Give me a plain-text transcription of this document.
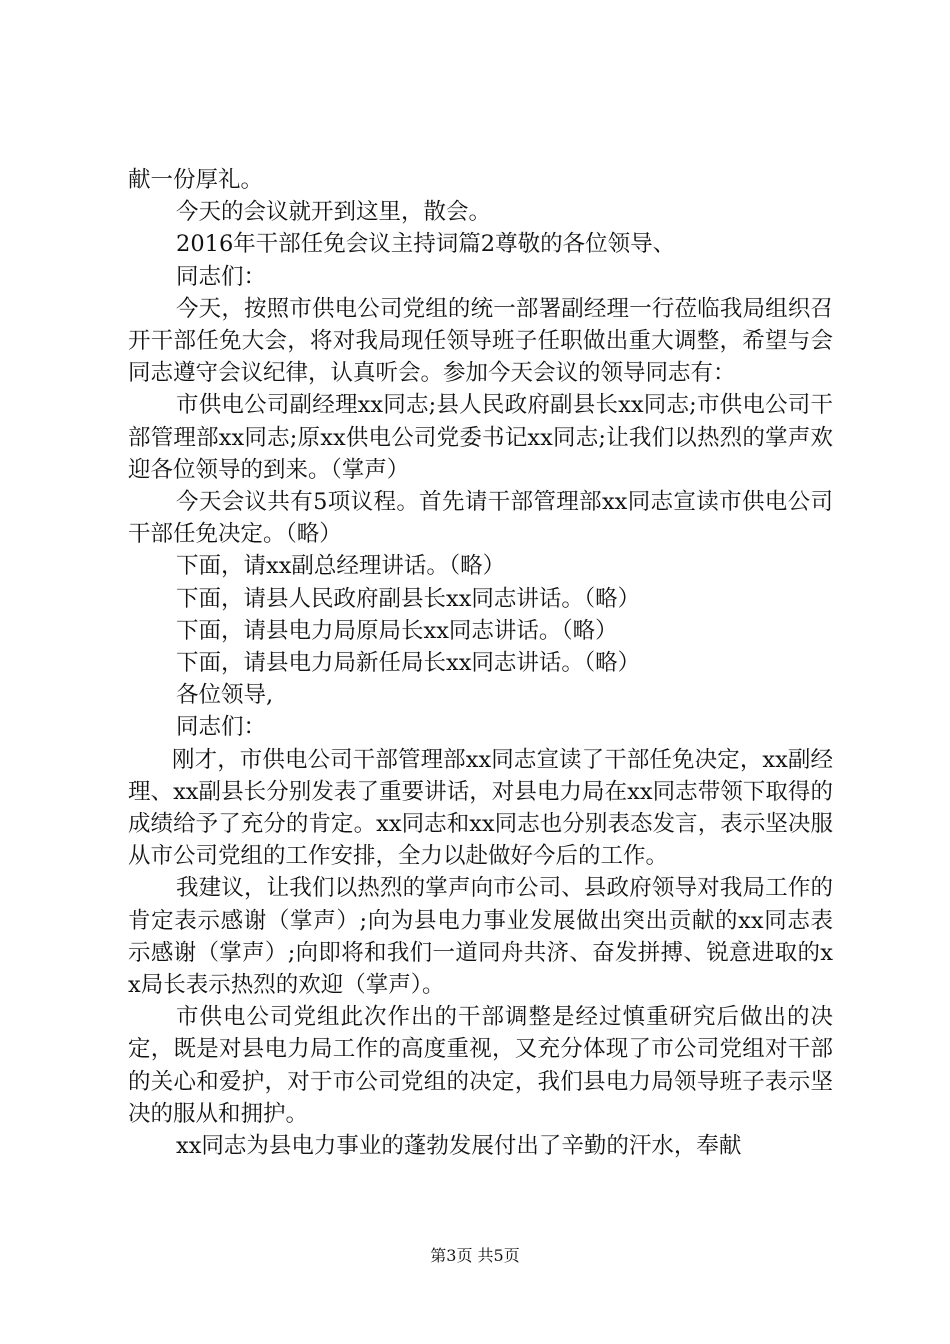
献一份厚礼。

今天的会议就开到这里，散会。

2016年干部任免会议主持词篇2尊敬的各位领导、

同志们：

今天，按照市供电公司党组的统一部署副经理一行莅临我局组织召开干部任免大会，将对我局现任领导班子任职做出重大调整，希望与会同志遵守会议纪律，认真听会。参加今天会议的领导同志有：

市供电公司副经理xx同志;县人民政府副县长xx同志;市供电公司干部管理部xx同志;原xx供电公司党委书记xx同志;让我们以热烈的掌声欢迎各位领导的到来。（掌声）

今天会议共有5项议程。首先请干部管理部xx同志宣读市供电公司干部任免决定。（略）

下面，请xx副总经理讲话。（略）

下面，请县人民政府副县长xx同志讲话。（略）

下面，请县电力局原局长xx同志讲话。（略）

下面，请县电力局新任局长xx同志讲话。（略）

各位领导,

同志们：

刚才，市供电公司干部管理部xx同志宣读了干部任免决定，xx副经理、xx副县长分别发表了重要讲话，对县电力局在xx同志带领下取得的成绩给予了充分的肯定。xx同志和xx同志也分别表态发言，表示坚决服从市公司党组的工作安排，全力以赴做好今后的工作。

我建议，让我们以热烈的掌声向市公司、县政府领导对我局工作的肯定表示感谢（掌声）;向为县电力事业发展做出突出贡献的xx同志表示感谢（掌声）;向即将和我们一道同舟共济、奋发拼搏、锐意进取的xx局长表示热烈的欢迎（掌声）。

市供电公司党组此次作出的干部调整是经过慎重研究后做出的决定，既是对县电力局工作的高度重视，又充分体现了市公司党组对干部的关心和爱护，对于市公司党组的决定，我们县电力局领导班子表示坚决的服从和拥护。

xx同志为县电力事业的蓬勃发展付出了辛勤的汗水，奉献

第3页 共5页
